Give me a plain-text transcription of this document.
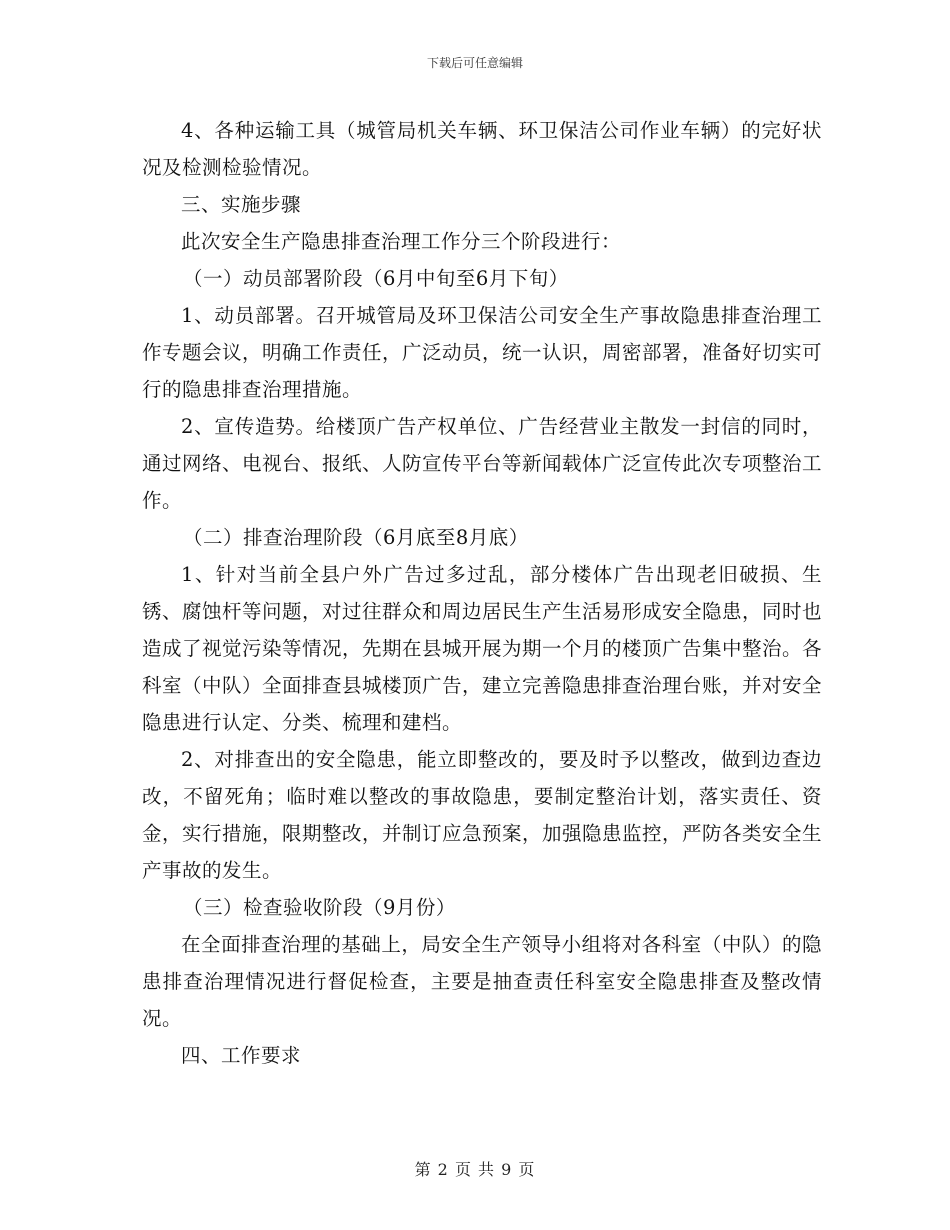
下载后可任意编辑

4、各种运输工具（城管局机关车辆、环卫保洁公司作业车辆）的完好状况及检测检验情况。

三、实施步骤

此次安全生产隐患排查治理工作分三个阶段进行：

（一）动员部署阶段（6月中旬至6月下旬）

1、动员部署。召开城管局及环卫保洁公司安全生产事故隐患排查治理工作专题会议，明确工作责任，广泛动员，统一认识，周密部署，准备好切实可行的隐患排查治理措施。

2、宣传造势。给楼顶广告产权单位、广告经营业主散发一封信的同时，通过网络、电视台、报纸、人防宣传平台等新闻载体广泛宣传此次专项整治工作。

（二）排查治理阶段（6月底至8月底）

1、针对当前全县户外广告过多过乱，部分楼体广告出现老旧破损、生锈、腐蚀杆等问题，对过往群众和周边居民生产生活易形成安全隐患，同时也造成了视觉污染等情况，先期在县城开展为期一个月的楼顶广告集中整治。各科室（中队）全面排查县城楼顶广告，建立完善隐患排查治理台账，并对安全隐患进行认定、分类、梳理和建档。

2、对排查出的安全隐患，能立即整改的，要及时予以整改，做到边查边改，不留死角；临时难以整改的事故隐患，要制定整治计划，落实责任、资金，实行措施，限期整改，并制订应急预案，加强隐患监控，严防各类安全生产事故的发生。

（三）检查验收阶段（9月份）

在全面排查治理的基础上，局安全生产领导小组将对各科室（中队）的隐患排查治理情况进行督促检查，主要是抽查责任科室安全隐患排查及整改情况。

四、工作要求

第 2 页 共 9 页
